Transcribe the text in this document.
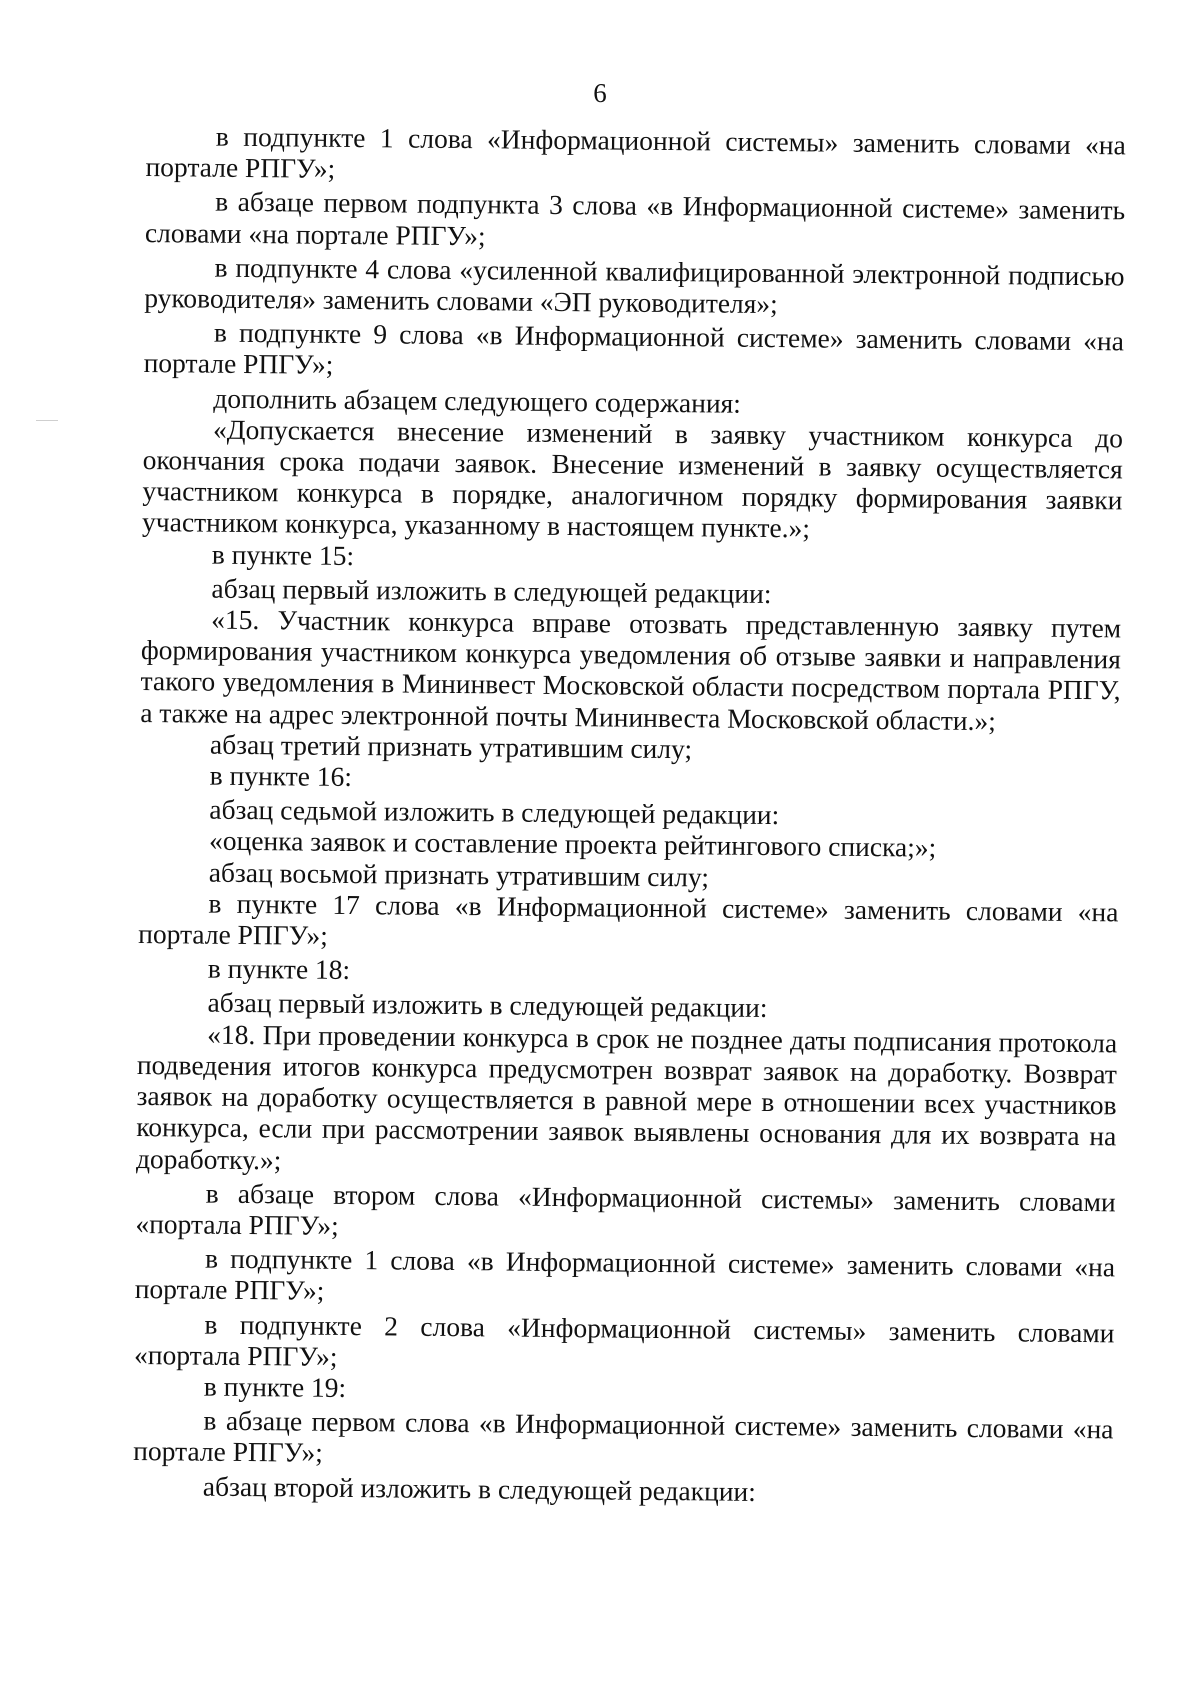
6

в подпункте 1 слова «Информационной системы» заменить словами «на портале РПГУ»;

в абзаце первом подпункта 3 слова «в Информационной системе» заменить словами «на портале РПГУ»;

в подпункте 4 слова «усиленной квалифицированной электронной подписью руководителя» заменить словами «ЭП руководителя»;

в подпункте 9 слова «в Информационной системе» заменить словами «на портале РПГУ»;

дополнить абзацем следующего содержания:

«Допускается внесение изменений в заявку участником конкурса до окончания срока подачи заявок. Внесение изменений в заявку осуществляется участником конкурса в порядке, аналогичном порядку формирования заявки участником конкурса, указанному в настоящем пункте.»;

в пункте 15:

абзац первый изложить в следующей редакции:

«15. Участник конкурса вправе отозвать представленную заявку путем формирования участником конкурса уведомления об отзыве заявки и направления такого уведомления в Мининвест Московской области посредством портала РПГУ, а также на адрес электронной почты Мининвеста Московской области.»;

абзац третий признать утратившим силу;

в пункте 16:

абзац седьмой изложить в следующей редакции:

«оценка заявок и составление проекта рейтингового списка;»;

абзац восьмой признать утратившим силу;

в пункте 17 слова «в Информационной системе» заменить словами «на портале РПГУ»;

в пункте 18:

абзац первый изложить в следующей редакции:

«18. При проведении конкурса в срок не позднее даты подписания протокола подведения итогов конкурса предусмотрен возврат заявок на доработку. Возврат заявок на доработку осуществляется в равной мере в отношении всех участников конкурса, если при рассмотрении заявок выявлены основания для их возврата на доработку.»;

в абзаце втором слова «Информационной системы» заменить словами «портала РПГУ»;

в подпункте 1 слова «в Информационной системе» заменить словами «на портале РПГУ»;

в подпункте 2 слова «Информационной системы» заменить словами «портала РПГУ»;

в пункте 19:

в абзаце первом слова «в Информационной системе» заменить словами «на портале РПГУ»;

абзац второй изложить в следующей редакции:
